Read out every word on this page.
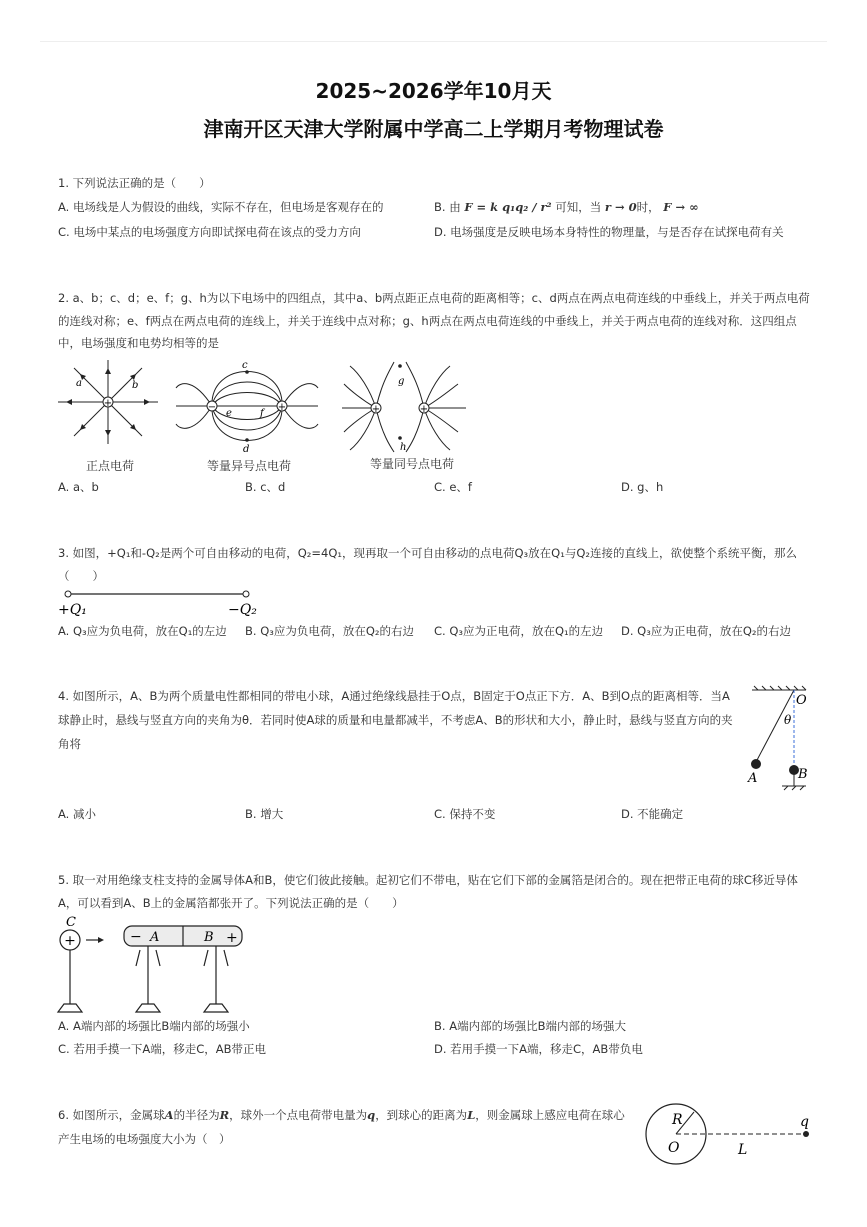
2025~2026学年10月天
津南开区天津大学附属中学高二上学期月考物理试卷
1. 下列说法正确的是（　　）
A. 电场线是人为假设的曲线，实际不存在，但电场是客观存在的	B. 由 F = k q₁q₂ / r² 可知，当 r → 0时， F → ∞
C. 电场中某点的电场强度方向即试探电荷在该点的受力方向	D. 电场强度是反映电场本身特性的物理量，与是否存在试探电荷有关
2. a、b；c、d；e、f；g、h为以下电场中的四组点，其中a、b两点距正点电荷的距离相等；c、d两点在两点电荷连线的中垂线上，并关于两点电荷
的连线对称；e、f两点在两点电荷的连线上，并关于连线中点对称；g、h两点在两点电荷连线的中垂线上，并关于两点电荷的连线对称．这四组点
中，电场强度和电势均相等的是
+
a	b
正点电荷
−	+
c
d
e	f
等量异号点电荷
+	+
g
h
等量同号点电荷
A. a、b	B. c、d	C. e、f	D. g、h
3. 如图，+Q₁和-Q₂是两个可自由移动的电荷，Q₂=4Q₁，现再取一个可自由移动的点电荷Q₃放在Q₁与Q₂连接的直线上，欲使整个系统平衡，那么
（　　）
+Q₁	−Q₂
A. Q₃应为负电荷，放在Q₁的左边 B. Q₃应为负电荷，放在Q₂的右边 C. Q₃应为正电荷，放在Q₁的左边 D. Q₃应为正电荷，放在Q₂的右边
4. 如图所示，A、B为两个质量电性都相同的带电小球，A通过绝缘线悬挂于O点，B固定于O点正下方．A、B到O点的距离相等．当A
球静止时，悬线与竖直方向的夹角为θ．若同时使A球的质量和电量都减半，不考虑A、B的形状和大小，静止时，悬线与竖直方向的夹
角将
O
θ
A	B
A. 减小	B. 增大	C. 保持不变	D. 不能确定
5. 取一对用绝缘支柱支持的金属导体A和B，使它们彼此接触。起初它们不带电，贴在它们下部的金属箔是闭合的。现在把带正电荷的球C移近导体
A，可以看到A、B上的金属箔都张开了。下列说法正确的是（　　）
+
C
− A	B +
A. A端内部的场强比B端内部的场强小	B. A端内部的场强比B端内部的场强大
C. 若用手摸一下A端，移走C，AB带正电	D. 若用手摸一下A端，移走C，AB带负电
6. 如图所示，金属球A的半径为R，球外一个点电荷带电量为q，到球心的距离为L，则金属球上感应电荷在球心
产生电场的电场强度大小为（　）
R
O	L
q
